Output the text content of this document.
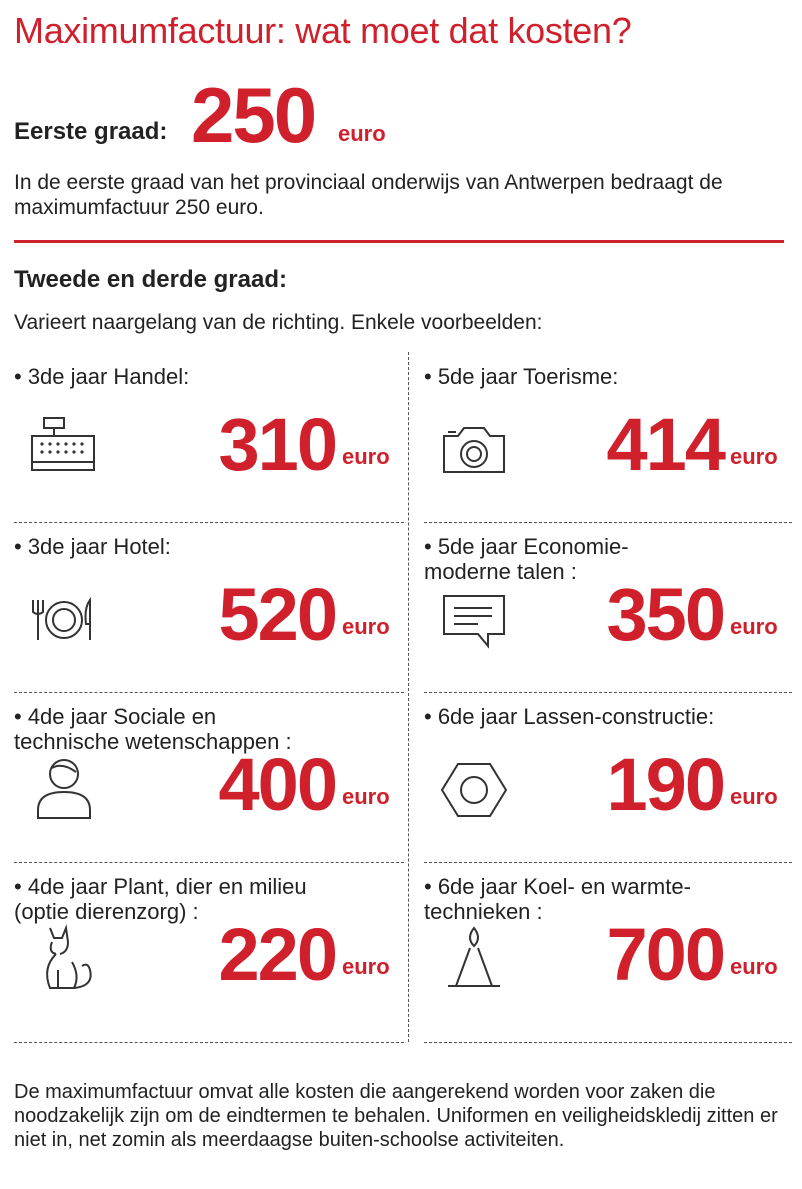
Maximumfactuur: wat moet dat kosten?
Eerste graad: 250 euro

In de eerste graad van het provinciaal onderwijs van Antwerpen bedraagt de maximumfactuur 250 euro.

Tweede en derde graad:
Varieert naargelang van de richting. Enkele voorbeelden:

• 3de jaar Handel:

310 euro

• 5de jaar Toerisme:

414 euro

• 3de jaar Hotel:

520 euro

• 5de jaar Economie-
moderne talen :

350 euro

• 4de jaar Sociale en
technische wetenschappen :

400 euro

• 6de jaar Lassen-constructie:

190 euro

• 4de jaar Plant, dier en milieu
(optie dierenzorg) :

220 euro

• 6de jaar Koel- en warmte-
technieken :

700 euro

De maximumfactuur omvat alle kosten die aangerekend worden voor zaken die noodzakelijk zijn om de eindtermen te behalen. Uniformen en veiligheidskledij zitten er niet in, net zomin als meerdaagse buiten-schoolse activiteiten.
